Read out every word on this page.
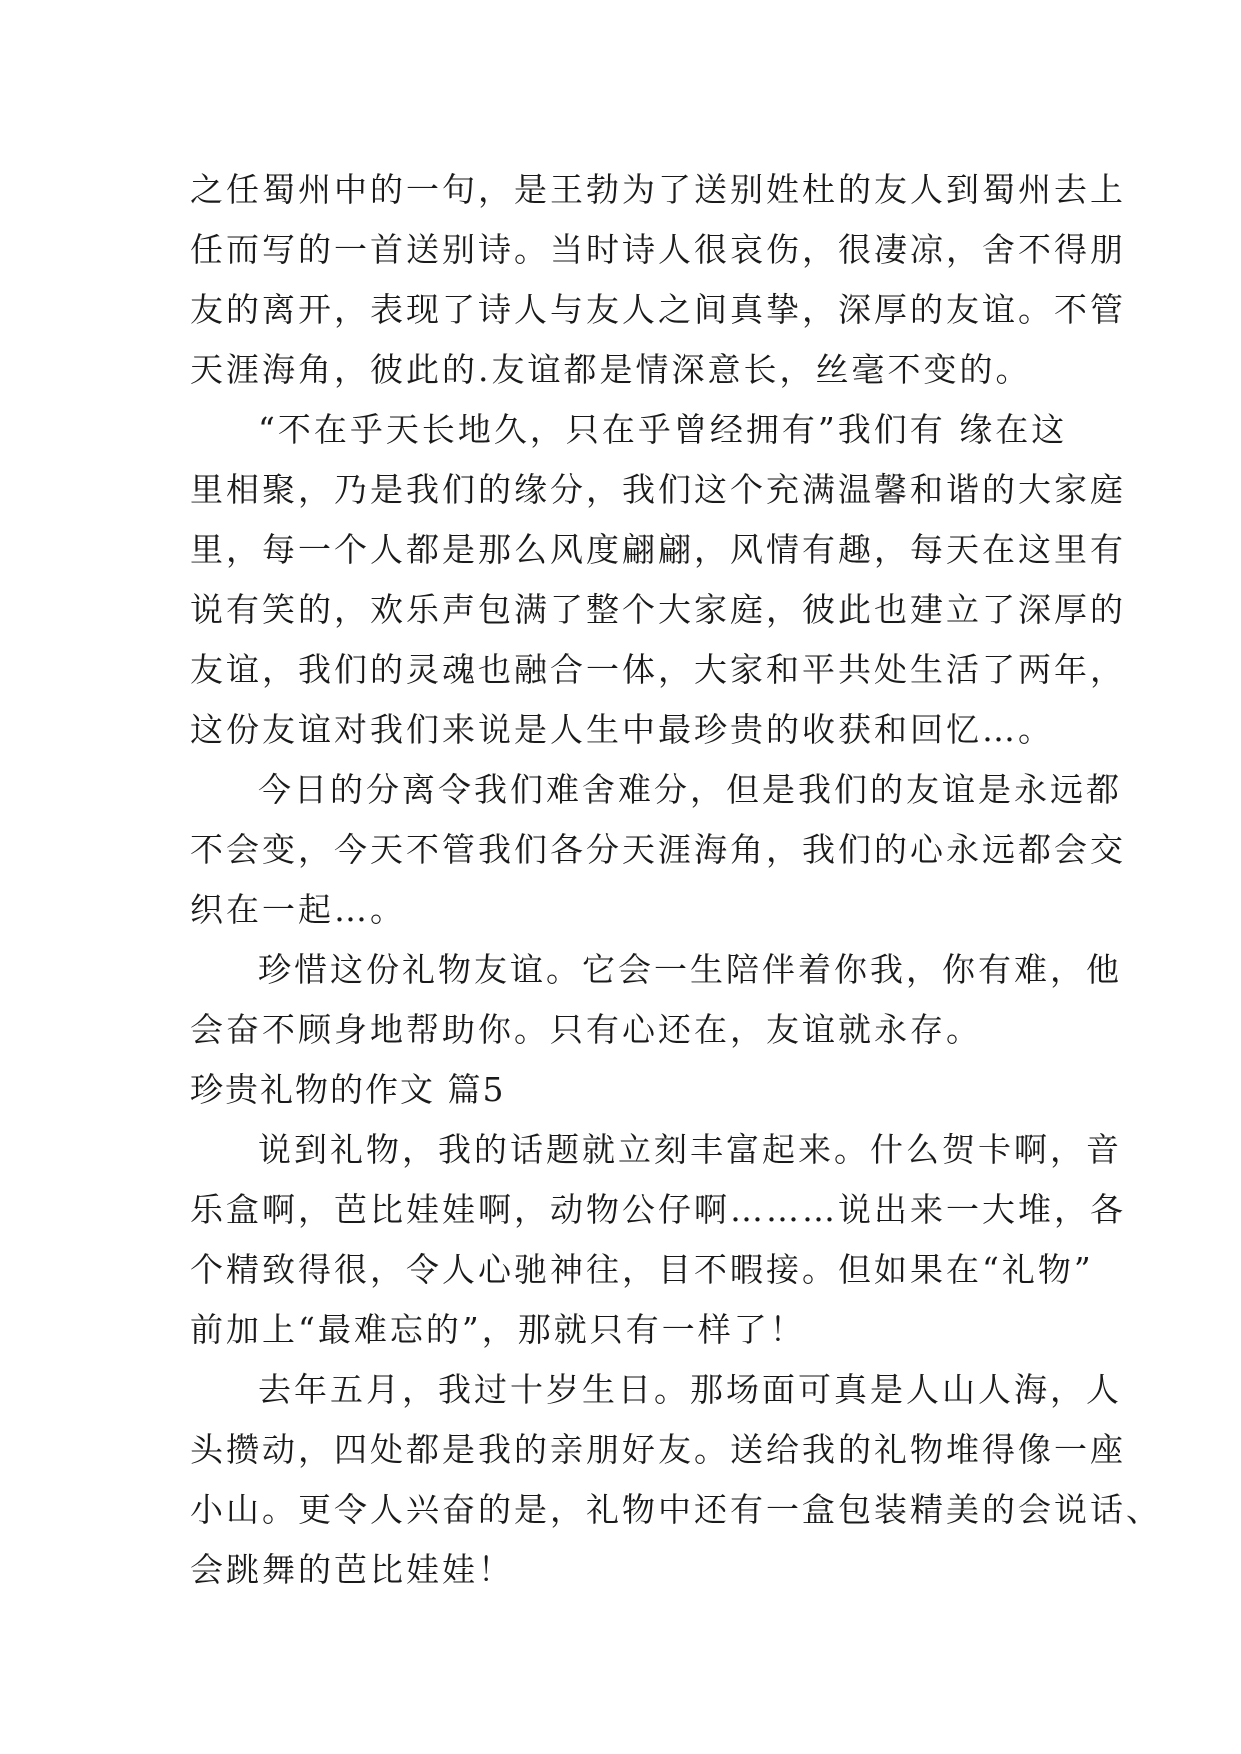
之任蜀州中的一句，是王勃为了送别姓杜的友人到蜀州去上
任而写的一首送别诗。当时诗人很哀伤，很凄凉，舍不得朋
友的离开，表现了诗人与友人之间真挚，深厚的友谊。不管
天涯海角，彼此的.友谊都是情深意长，丝毫不变的。
“不在乎天长地久，只在乎曾经拥有”我们有 缘在这
里相聚，乃是我们的缘分，我们这个充满温馨和谐的大家庭
里，每一个人都是那么风度翩翩，风情有趣，每天在这里有
说有笑的，欢乐声包满了整个大家庭，彼此也建立了深厚的
友谊，我们的灵魂也融合一体，大家和平共处生活了两年，
这份友谊对我们来说是人生中最珍贵的收获和回忆…。
今日的分离令我们难舍难分，但是我们的友谊是永远都
不会变，今天不管我们各分天涯海角，我们的心永远都会交
织在一起…。
珍惜这份礼物友谊。它会一生陪伴着你我，你有难，他
会奋不顾身地帮助你。只有心还在，友谊就永存。
珍贵礼物的作文 篇5
说到礼物，我的话题就立刻丰富起来。什么贺卡啊，音
乐盒啊，芭比娃娃啊，动物公仔啊………说出来一大堆，各
个精致得很，令人心驰神往，目不暇接。但如果在“礼物”
前加上“最难忘的”，那就只有一样了！
去年五月，我过十岁生日。那场面可真是人山人海，人
头攒动，四处都是我的亲朋好友。送给我的礼物堆得像一座
小山。更令人兴奋的是，礼物中还有一盒包装精美的会说话、
会跳舞的芭比娃娃！
